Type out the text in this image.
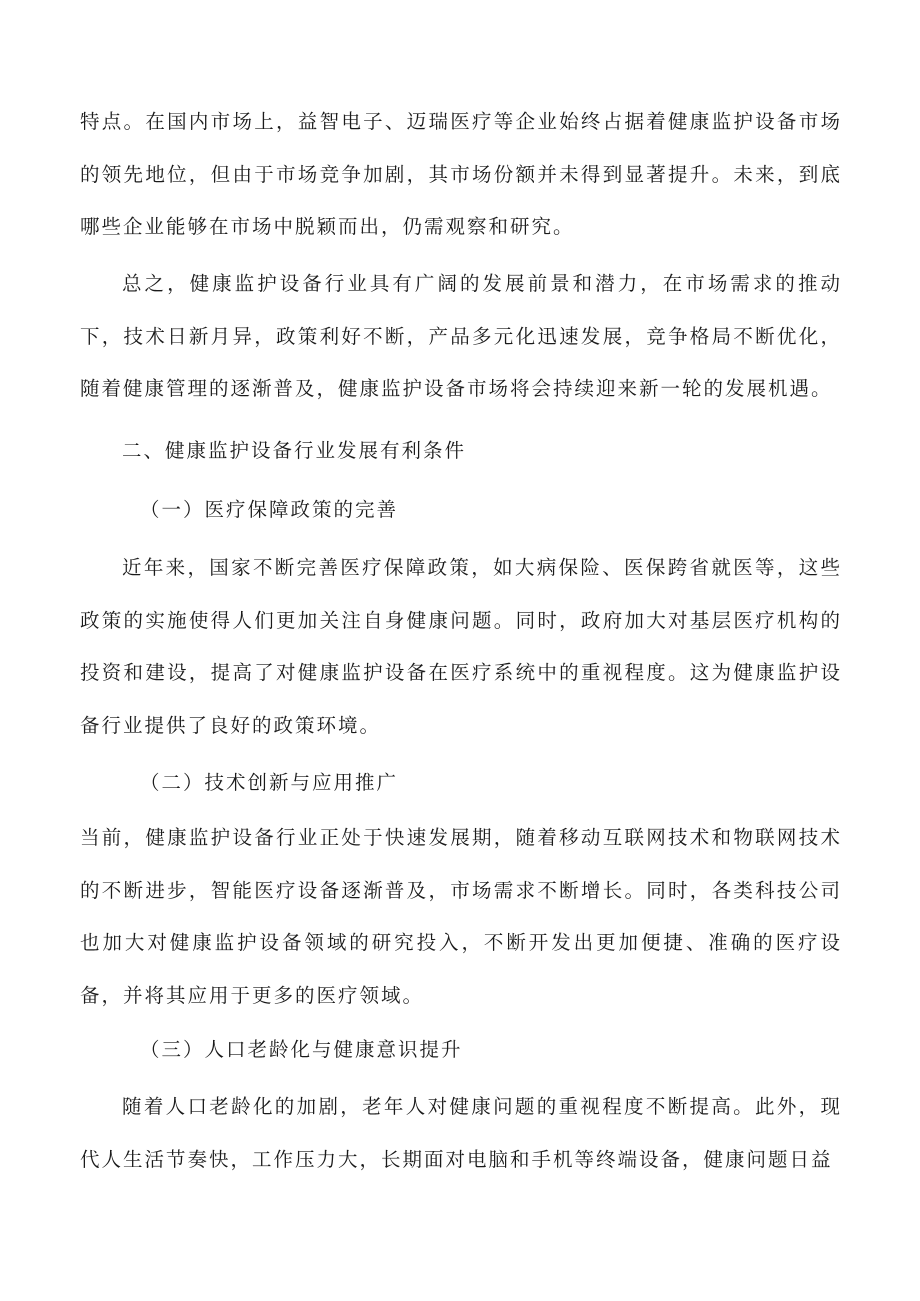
特点。在国内市场上，益智电子、迈瑞医疗等企业始终占据着健康监护设备市场的领先地位，但由于市场竞争加剧，其市场份额并未得到显著提升。未来，到底哪些企业能够在市场中脱颖而出，仍需观察和研究。

总之，健康监护设备行业具有广阔的发展前景和潜力，在市场需求的推动下，技术日新月异，政策利好不断，产品多元化迅速发展，竞争格局不断优化，随着健康管理的逐渐普及，健康监护设备市场将会持续迎来新一轮的发展机遇。

二、健康监护设备行业发展有利条件
（一）医疗保障政策的完善

近年来，国家不断完善医疗保障政策，如大病保险、医保跨省就医等，这些政策的实施使得人们更加关注自身健康问题。同时，政府加大对基层医疗机构的投资和建设，提高了对健康监护设备在医疗系统中的重视程度。这为健康监护设备行业提供了良好的政策环境。

（二）技术创新与应用推广

当前，健康监护设备行业正处于快速发展期，随着移动互联网技术和物联网技术的不断进步，智能医疗设备逐渐普及，市场需求不断增长。同时，各类科技公司也加大对健康监护设备领域的研究投入，不断开发出更加便捷、准确的医疗设备，并将其应用于更多的医疗领域。

（三）人口老龄化与健康意识提升

随着人口老龄化的加剧，老年人对健康问题的重视程度不断提高。此外，现代人生活节奏快，工作压力大，长期面对电脑和手机等终端设备，健康问题日益
